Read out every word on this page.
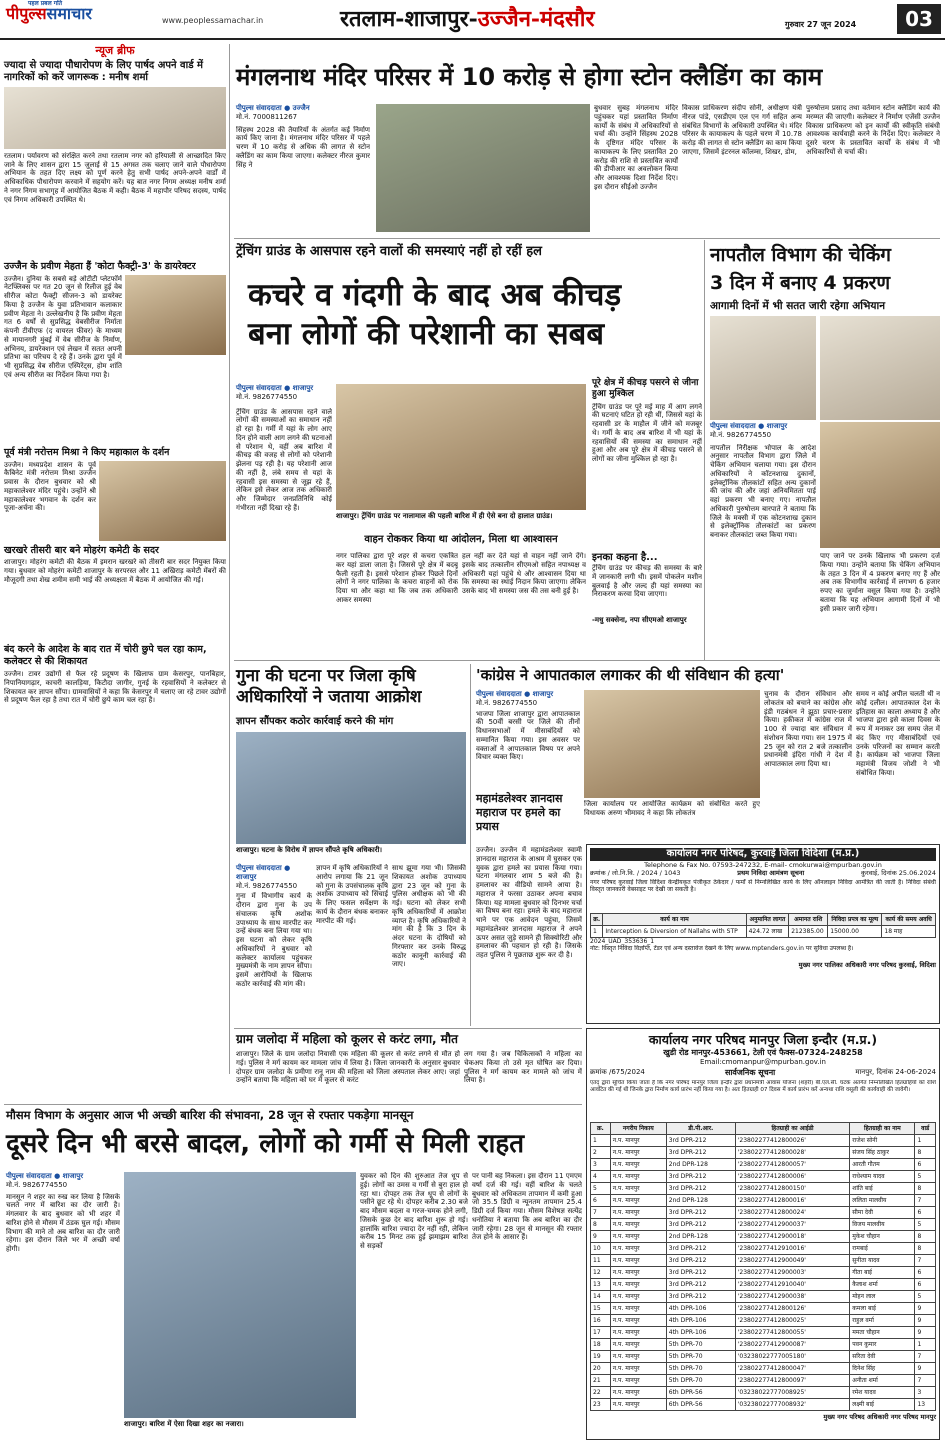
पहल प्रबल गति
पीपुल्ससमाचार	www.peoplessamachar.in	रतलाम-शाजापुर-उज्जैन-मंदसौर	गुरुवार 27 जून 2024	03
न्यूज ब्रीफ
ज्यादा से ज्यादा पौधारोपण के लिए पार्षद अपने वार्ड में नागरिकों को करें जागरूक : मनीष शर्मा
रतलाम। पर्यावरण को संरक्षित करने तथा रतलाम नगर को हरियाली से आच्छादित किए जाने के लिए शासन द्वारा 15 जुलाई से 15 अगस्त तक चलाए जाने वाले पौधारोपण अभियान के तहत दिए लक्ष्य को पूर्ण करने हेतु सभी पार्षद अपने-अपने वार्डों में अधिकाधिक पौधारोपण करवाने में सहयोग करें। यह बात नगर निगम अध्यक्ष मनीष शर्मा ने नगर निगम सभागृह में आयोजित बैठक में कही। बैठक में महापौर परिषद सदस्य, पार्षद एवं निगम अधिकारी उपस्थित थे।
उज्जैन के प्रवीण मेहता हैं 'कोटा फैक्ट्री-3' के डायरेक्टर
उज्जैन। दुनिया के सबसे बड़े ओटीटी प्लेटफॉर्म नेटफ्लिक्स पर गत 20 जून से रिलीज हुई वेब सीरीज कोटा फैक्ट्री सीजन-3 को डायरेक्ट किया है उज्जैन के युवा प्रतिभावान कलाकार प्रवीण मेहता ने। उल्लेखनीय है कि प्रवीण मेहता गत 6 वर्षों से सुप्रसिद्ध वेबसीरीज निर्माता कंपनी टीवीएफ (द वायरल फीवर) के माध्यम से मायानगरी मुंबई में वेब सीरीज के निर्माण, अभिनय, डायरेक्शन एवं लेखन में सतत अपनी प्रतिभा का परिचय दे रहे हैं। उनके द्वारा पूर्व में भी सुप्रसिद्ध वेब सीरीज एस्पिरेंट्स, होम शांति एवं अन्य सीरीज का निर्देशन किया गया है।
पूर्व मंत्री नरोत्तम मिश्रा ने किए महाकाल के दर्शन
उज्जैन। मध्यप्रदेश शासन के पूर्व कैबिनेट मंत्री नरोत्तम मिश्रा उज्जैन प्रवास के दौरान बुधवार को श्री महाकालेश्वर मंदिर पहुंचे। उन्होंने श्री महाकालेश्वर भगवान के दर्शन कर पूजा-अर्चना की।
खरखरे तीसरी बार बने मोहरंग कमेटी के सदर
शाजापुर। मोहरंग कमेटी की बैठक में इमरान खरखरे को तीसरी बार सदर नियुक्त किया गया। बुधवार को मोहरंग कमेटी शाजापुर के सरपरस्त और 11 अखिराड़ कमेटी मेंबरों की मौजूदगी तथा शेख शमीम समी भाई की अध्यक्षता में बैठक में आयोजित की गई।
बंद करने के आदेश के बाद रात में चोरी छुपे चल रहा काम, कलेक्टर से की शिकायत
उज्जैन। टावर उद्योगों से फैल रहे प्रदूषण के खिलाफ ग्राम केसरपुर, पानबिहार, निपानियागढ़ार, काचरी कालड़िया, किटौदा जागीर, गुनई के रहवासियों ने कलेक्टर से शिकायत कर ज्ञापन सौंपा। ग्रामवासियों ने कहा कि केसरपुर में चलाए जा रहे टावर उद्योगों से प्रदूषण फैल रहा है तथा रात में चोरी छुपे काम चल रहा है।
मंगलनाथ मंदिर परिसर में 10 करोड़ से होगा स्टोन क्लैडिंग का काम
पीपुल्स संवाददाता ● उज्जैन
मो.नं. 7000811267
सिंहस्थ 2028 की तैयारियों के अंतर्गत कई निर्माण कार्य किए जाना है। मंगलनाथ मंदिर परिसर में पहले चरण में 10 करोड़ से अधिक की लागत से स्टोन क्लैडिंग का काम किया जाएगा। कलेक्टर नीरज कुमार सिंह ने
बुधवार सुबह मंगलनाथ मंदिर पहुंचकर यहां प्रस्तावित निर्माण कार्यों के संबंध में अधिकारियों से चर्चा की। उन्होंने सिंहस्थ 2028 के दृष्टिगत मंदिर परिसर के कायाकल्प के लिए प्रस्तावित 20 करोड़ की राशि से प्रस्तावित कार्यों की डीपीआर का अवलोकन किया और आवश्यक दिशा निर्देश दिए। इस दौरान सीईओ उज्जैन
विकास प्राधिकरण संदीप सोनी, अधीक्षण यंत्री नीरज पांडे, एसडीएम एल एन गर्ग सहित अन्य संबंधित विभागों के अधिकारी उपस्थित थे। मंदिर परिसर के कायाकल्प के पहले चरण में 10.78 करोड़ की लागत से स्टोन क्लैडिंग का काम किया जाएगा, जिसमें इंटरनल कॉलम्स, शिखर, डोम,
पुरुषोत्तम प्रसाद तथा वर्तमान स्टोन क्लैडिंग कार्य की मरम्मत की जाएगी। कलेक्टर ने निर्माण एजेंसी उज्जैन विकास प्राधिकरण को इन कार्यों की स्वीकृति संबंधी आवश्यक कार्यवाही करने के निर्देश दिए। कलेक्टर ने दूसरे चरण के प्रस्तावित कार्यों के संबंध में भी अधिकारियों से चर्चा की।
ट्रेंचिंग ग्राउंड के आसपास रहने वालों की समस्याएं नहीं हो रहीं हल
कचरे व गंदगी के बाद अब कीचड़
बना लोगों की परेशानी का सबब
पीपुल्स संवाददाता ● शाजापुर
मो.नं. 9826774550
ट्रेंचिंग ग्राउंड के आसपास रहने वाले लोगों की समस्याओं का समाधान नहीं हो रहा है। गर्मी में यहां के लोग आए दिन होने वाली आग लगने की घटनाओं से परेशान थे, वहीं अब बारिश में कीचड़ की वजह से लोगों को परेशानी झेलना पड़ रही है। यह परेशानी आज की नहीं है, लंबे समय से यहां के रहवासी इस समस्या से जूझ रहे हैं, लेकिन इसे लेकर आज तक अधिकारी और जिम्मेदार जनप्रतिनिधि कोई गंभीरता नहीं दिखा रहे हैं।
शाजापुर। ट्रेंचिंग ग्राउंड पर नालामाल की पहली बारिश में ही ऐसे बना दो हालात ग्राउंड।
वाहन रोककर किया था आंदोलन, मिला था आश्वासन
नगर पालिका द्वारा पूरे शहर से कचरा एकत्रित कर यहां डाला जाता है। जिससे पूरे क्षेत्र में बदबू फैली रहती है। इससे परेशान होकर पिछले दिनों लोगों ने नगर पालिका के कचरा वाहनों को रोक दिया था और कहा था कि जब तक अधिकारी आकर समस्या
हल नहीं कर देते यहां से वाहन नहीं जाने देंगे। इसके बाद तत्कालीन सीएमओ सहित नपाध्यक्ष व अधिकारी यहां पहुंचे थे और आश्वासन दिया था कि समस्या का स्थाई निदान किया जाएगा। लेकिन उसके बाद भी समस्या जस की तस बनी हुई है।
पूरे क्षेत्र में कीचड़ पसरने से जीना हुआ मुश्किल
ट्रेंचिंग ग्राउंड पर पूरे मई माह में आग लगने की घटनाएं घटित हो रही थीं, जिससे यहां के रहवासी डर के माहौल में जीने को मजबूर थे। गर्मी के बाद अब बारिश में भी यहां के रहवासियों की समस्या का समाधान नहीं हुआ और अब पूरे क्षेत्र में कीचड़ पसरने से लोगों का जीना मुश्किल हो रहा है।
इनका कहना है...
ट्रेंचिंग ग्राउंड पर कीचड़ की समस्या के बारे में जानकारी लगी थी। इसमें पोकलेन मशीन बुलवाई है और जल्द ही यहां समस्या का निराकरण करवा दिया जाएगा।
-मधु सक्सेना, नपा सीएमओ शाजापुर
नापतौल विभाग की चेकिंग
3 दिन में बनाए 4 प्रकरण
आगामी दिनों में भी सतत जारी रहेगा अभियान
पीपुल्स संवाददाता ● शाजापुर
मो.नं. 9826774550
नापतौल निरीक्षक भोपाल के आदेश अनुसार नापतौल विभाग द्वारा जिले में चेकिंग अभियान चलाया गया। इस दौरान अधिकारियों ने कॉटनशाख दुकानों, इलेक्ट्रॉनिक तौलकांटों सहित अन्य दुकानों की जांच की और जहां अनियमितता पाई वहां प्रकरण भी बनाए गए। नापतौल अधिकारी पुरुषोत्तम बारपाते ने बताया कि जिले के मक्सी में एक कोटनशाख दुकान से इलेक्ट्रॉनिक तौलकांटों का प्रकरण बनाकर तौलकांटा जब्त किया गया।
पाए जाने पर उनके खिलाफ भी प्रकरण दर्ज किया गया। उन्होंने बताया कि चेकिंग अभियान के तहत 3 दिन में 4 प्रकरण बनाए गए हैं और अब तक विभागीय कार्रवाई में लगभग 6 हजार रुपए का जुर्माना वसूल किया गया है। उन्होंने बताया कि यह अभियान आगामी दिनों में भी इसी प्रकार जारी रहेगा।
गुना की घटना पर जिला कृषि अधिकारियों ने जताया आक्रोश
ज्ञापन सौंपकर कठोर कार्रवाई करने की मांग
शाजापुर। घटना के विरोध में ज्ञापन सौंपते कृषि अधिकारी।
पीपुल्स संवाददाता ● शाजापुर
मो.नं. 9826774550
गुना में विभागीय कार्य के दौरान द्वारा गुना के उप संचालक कृषि अशोक उपाध्याय के साथ मारपीट कर उन्हें बंधक बना लिया गया था। इस घटना को लेकर कृषि अधिकारियों ने बुधवार को कलेक्टर कार्यालय पहुंचकर मुख्यमंत्री के नाम ज्ञापन सौंपा। इसमें आरोपियों के खिलाफ कठोर कार्रवाई की मांग की।
ज्ञापन में कृषि अधिकारियों ने आरोप लगाया कि 21 जून को गुना के उपसंचालक कृषि अशोक उपाध्याय को सिंचाई के लिए फसल सर्वेक्षण के कार्य के दौरान बंधक बनाकर मारपीट की गई।
साथ झूमा गया भी। जिसकी शिकायत अशोक उपाध्याय द्वारा 23 जून को गुना के पुलिस अधीक्षक को भी की गई। घटना को लेकर सभी कृषि अधिकारियों में आक्रोश व्याप्त है। कृषि अधिकारियों ने मांग की है कि 3 दिन के अंदर घटना के दोषियों को गिरफ्तार कर उनके विरुद्ध कठोर कानूनी कार्रवाई की जाए।
'कांग्रेस ने आपातकाल लगाकर की थी संविधान की हत्या'
पीपुल्स संवाददाता ● शाजापुर
मो.नं. 9826774550
भाजपा जिला शाजापुर द्वारा आपातकाल की 50वीं बरसी पर जिले की तीनों विधानसभाओं में मीसाबंदियों को सम्मानित किया गया। इस अवसर पर वक्ताओं ने आपातकाल विषय पर अपने विचार व्यक्त किए।
जिला कार्यालय पर आयोजित कार्यक्रम को संबोधित करते हुए विधायक अरुण भीमावद ने कहा कि लोकतंत्र
चुनाव के दौरान संविधान और लोकतंत्र को बचाने का कांग्रेस और इंडी गठबंधन ने झूठा प्रचार-प्रसार किया। हकीकत में कांग्रेस राज में 100 से ज्यादा बार संविधान में संशोधन किया गया। सन 1975 में 25 जून को रात 2 बजे तत्कालीन प्रधानमंत्री इंदिरा गांधी ने देश में आपातकाल लगा दिया था।
समय न कोई अपील चलती थी न कोई दलील। आपातकाल देश के इतिहास का काला अध्याय है और भाजपा द्वारा इसे काला दिवस के रूप में मनाकर उस समय जेल में बंद किए गए मीसाबंदियों एवं उनके परिजनों का सम्मान करती है। कार्यक्रम को भाजपा जिला महामंत्री विजय जोशी ने भी संबोधित किया।
महामंडलेश्वर ज्ञानदास महाराज पर हमले का प्रयास
उज्जैन। उज्जैन में महामंडलेश्वर स्वामी ज्ञानदास महाराज के आश्रम में घुसकर एक युवक द्वारा हमले का प्रयास किया गया। घटना मंगलवार शाम 5 बजे की है। हमलावर का वीडियो सामने आया है। महाराज ने फरसा उठाकर अपना बचाव किया। यह मामला बुधवार को दिनभर चर्चा का विषय बना रहा। हमले के बाद महाराज थाने पर एक आवेदन पहुंचा, जिसमें महामंडलेश्वर ज्ञानदास महाराज ने अपने ऊपर असत जुड़े सामने ही सिक्योरिटी और हमलावर की पहचान हो रही है। जिसके तहत पुलिस ने पूछताछ शुरू कर दी है।
कार्यालय नगर परिषद, कुरवाई जिला विदिशा (म.प्र.)
Telephone & Fax No. 07593-247232, E-mail- cmokurwai@mpurban.gov.in
क्रमांक / लो.नि.वि. / 2024 / 1043	प्रथम निविदा आमंत्रण सूचना	कुरवाई, दिनांक 25.06.2024
नगर परिषद कुरवाई जिला विदिशा केन्द्रीयकृत पंजीकृत ठेकेदार / फर्मों से निम्नलिखित कार्य के लिए ऑनलाइन निविदा आमंत्रित की जाती है। निविदा संबंधी विस्तृत जानकारी वेबसाइट पर देखी जा सकती है।
क्र.	कार्य का नाम	अनुमानित लागत	अमानत राशि	निविदा प्रपत्र का मूल्य	कार्य की समय अवधि
1	Interception & Diversion of Nallahs with STP	424.72 लाख	212385.00	15000.00	18 माह
2024_UAD_353636_1
नोट: विस्तृत निविदा विज्ञप्ति, टेंडर एवं अन्य दस्तावेज देखने के लिए www.mptenders.gov.in पर सुविधा उपलब्ध है।
मुख्य नगर पालिका अधिकारी नगर परिषद कुरवाई, विदिशा
ग्राम जलोदा में महिला को कूलर से करंट लगा, मौत
शाजापुर। जिले के ग्राम जलोदा निवासी एक महिला की कूलर से करंट लगने से मौत हो गई। पुलिस ने मर्ग कायम कर मामला जांच में लिया है। जिला जानकारी के अनुसार बुधवार दोपहर ग्राम जलोदा के प्रमीणा रानू नाम की महिला को जिला अस्पताल लेकर आए। जहां उन्होंने बताया कि महिला को घर में कूलर से करंट
लग गया है। जब चिकित्सकों ने महिला का चेकअप किया तो उसे मृत घोषित कर दिया। पुलिस ने मर्ग कायम कर मामले को जांच में लिया है।
मौसम विभाग के अनुसार आज भी अच्छी बारिश की संभावना, 28 जून से रफ्तार पकड़ेगा मानसून
दूसरे दिन भी बरसे बादल, लोगों को गर्मी से मिली राहत
पीपुल्स संवाददाता ● शाजापुर
मो.नं. 9826774550
मानसून ने शहर का रुख कर लिया है जिसके चलते नगर में बारिश का दौर जारी है। मंगलवार के बाद बुधवार को भी शहर में बारिश होने से मौसम में ठंडक घुल गई। मौसम विभाग की माने तो अब बारिश का दौर जारी रहेगा। इस दौरान जिले भर में अच्छी वर्षा होगी।
शाजापुर। बारिश में ऐसा दिखा शहर का नजारा।
युवकर को दिन की शुरुआत तेज धूप से हुई। लोगों का उमस व गर्मी से बुरा हाल हो रहा था। दोपहर तक तेज धूप से लोगों के पसीने छूट रहे थे। दोपहर करीब 2.30 बजे बाद मौसम बदला व गरज-चमक होने लगी, जिसके कुछ देर बाद बारिश शुरू हो गई। हालांकि बारिश ज्यादा देर नहीं रही, लेकिन करीब 15 मिनट तक हुई झमाझम बारिश से सड़कों
पर पानी बह निकला। इस दौरान 11 एमएम वर्षा दर्ज की गई। वहीं बारिश के चलते बुधवार को अधिकतम तापमान में कमी हुआ जो 35.5 डिग्री व न्यूनतम तापमान 25.4 डिग्री दर्ज किया गया। मौसम विशेषज्ञ सत्येंद्र धनोतिया ने बताया कि अब बारिश का दौर जारी रहेगा। 28 जून से मानसून की रफ्तार तेज होने के आसार हैं।
कार्यालय नगर परिषद मानपुर जिला इन्दौर (म.प्र.)
खुडी रोड मानपुर-453661, टेली एवं फैक्स-07324-248258
Email:cmomanpur@mpurban.gov.in
क्रमांक /675/2024	सार्वजनिक सूचना	मानपुर, दिनांक 24-06-2024
एतद् द्वारा सूचित किया जाता है कि नगर परिषद मानपुर जिला इन्दौर द्वारा प्रधानमंत्री आवास योजना (शहरी) बी.एल.सी. घटक अंतर्गत निम्नलिखित हितग्राहियों को राशि आवंटित की गई थी जिनके द्वारा निर्माण कार्य प्रारंभ नहीं किया गया है। अतः हितग्राही 07 दिवस में कार्य प्रारंभ करें अन्यथा राशि वसूली की कार्यवाही की जावेगी।
क्र.	नगरीय निकाय	डी.पी.आर.	हितग्राही का आईडी	हितग्राही का नाम	वार्ड
1	न.प. मानपुर	3rd DPR-212	'23802277412800026'	राजेश सोनी	1
2	न.प. मानपुर	3rd DPR-212	'23802277412800028'	संजय सिंह ठाकुर	8
3	न.प. मानपुर	2nd DPR-128	'23802277412800057'	आरती गौतम	6
4	न.प. मानपुर	3rd DPR-212	'23802277412800006'	राधेश्याम यादव	5
5	न.प. मानपुर	3rd DPR-212	'23802277412800150'	शांति बाई	8
6	न.प. मानपुर	2nd DPR-128	'23802277412800016'	ललिता मालवीय	7
7	न.प. मानपुर	3rd DPR-212	'23802277412800024'	सीमा देवी	6
8	न.प. मानपुर	3rd DPR-212	'23802277412900037'	विजय मालवीय	5
9	न.प. मानपुर	2nd DPR-128	'23802277412900018'	मुकेश चौहान	8
10	न.प. मानपुर	3rd DPR-212	'23802277412910016'	रामबाई	8
11	न.प. मानपुर	3rd DPR-212	'23802277412900049'	सुनीता यादव	7
12	न.प. मानपुर	3rd DPR-212	'23802277412900003'	गीता बाई	6
13	न.प. मानपुर	3rd DPR-212	'23802277412910040'	कैलाश शर्मा	6
14	न.प. मानपुर	3rd DPR-212	'23802277412900038'	मोहन लाल	5
15	न.प. मानपुर	4th DPR-106	'23802277412800126'	कमला बाई	9
16	न.प. मानपुर	4th DPR-106	'23802277412800025'	राहुल वर्मा	9
17	न.प. मानपुर	4th DPR-106	'23802277412800055'	ममता चौहान	9
18	न.प. मानपुर	5th DPR-70	'23802277412900087'	पवन कुमार	1
19	न.प. मानपुर	5th DPR-70	'03238022777005180'	सरिता देवी	7
20	न.प. मानपुर	5th DPR-70	'23802277412800047'	दिनेश सिंह	9
21	न.प. मानपुर	5th DPR-70	'23802277412800097'	अनीता शर्मा	7
22	न.प. मानपुर	6th DPR-56	'03238022777008925'	रमेश यादव	3
23	न.प. मानपुर	6th DPR-56	'03238022777008932'	लक्ष्मी बाई	13
मुख्य नगर परिषद अधिकारी नगर परिषद मानपुर
